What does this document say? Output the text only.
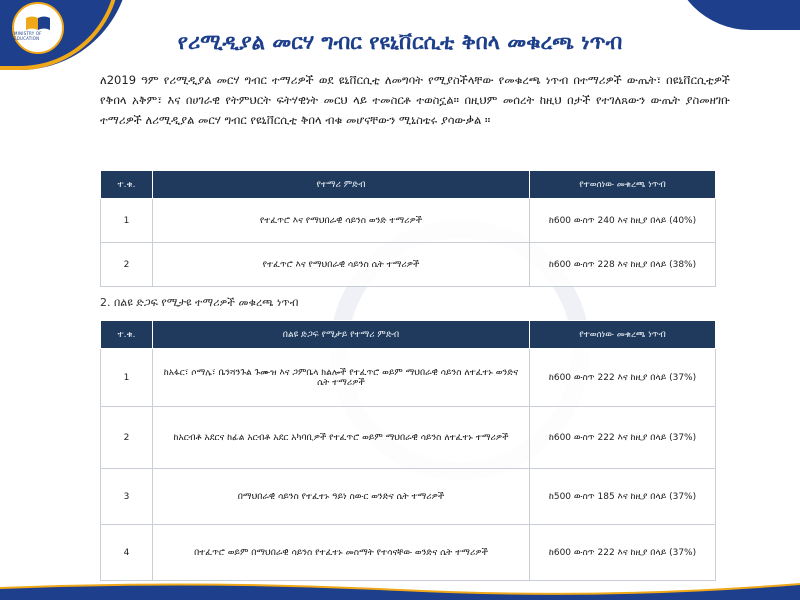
MINISTRY OF EDUCATION	የሪሚዲያል መርሃ ግብር የዩኒቨርሲቲ ቅበላ መቁረጫ ነጥብ

ለ2019 ዓም የሪሚዲያል መርሃ ግብር ተማሪዎች ወደ ዩኒቨርሲቲ ለመግባት የሚያስችላቸው የመቁረጫ ነጥብ በተማሪዎች ውጤት፣ በዩኒቨርሲቲዎች የቅበላ አቅም፣ እና በሀገራዊ የትምህርት ፍትሃዊነት መርህ ላይ ተመስርቶ ተወስኗል። በዚህም መሰረት ከዚህ በታች የተገለጸውን ውጤት ያስመዘገቡ ተማሪዎች ለሪሚዲያል መርሃ ግብር የዩኒቨርሲቲ ቅበላ ብቁ መሆናቸውን ሚኒስቴሩ ያሳውቃል ።

ተ.ቁ.	የተማሪ ምድብ	የተወሰነው መቁረጫ ነጥብ
1	የተፈጥሮ እና የማህበራዊ ሳይንስ ወንድ ተማሪዎች	ከ600 ውስጥ 240 እና ከዚያ በላይ (40%)
2	የተፈጥሮ እና የማህበራዊ ሳይንስ ሴት ተማሪዎች	ከ600 ውስጥ 228 እና ከዚያ በላይ (38%)
2. በልዩ ድጋፍ የሚታዩ ተማሪዎች መቁረጫ ነጥብ
ተ.ቁ.	በልዩ ድጋፍ የሚታይ የተማሪ ምድብ	የተወሰነው መቁረጫ ነጥብ
1	ከአፋር፣ ሶማሌ፣ ቤንሻንጉል ጉሙዝ እና ጋምቤላ ክልሎች የተፈጥሮ ወይም ማህበራዊ ሳይንስ ለተፈተኑ ወንድና ሴት ተማሪዎች	ከ600 ውስጥ 222 እና ከዚያ በላይ (37%)
2	ከአርብቶ አደርና ከፊል አርብቶ አደር አካባቢዎች የተፈጥሮ ወይም ማህበራዊ ሳይንስ ለተፈተኑ ተማሪዎች	ከ600 ውስጥ 222 እና ከዚያ በላይ (37%)
3	በማህበራዊ ሳይንስ የተፈተኑ ዓይነ ስውር ወንድና ሴት ተማሪዎች	ከ500 ውስጥ 185 እና ከዚያ በላይ (37%)
4	በተፈጥሮ ወይም በማህበራዊ ሳይንስ የተፈተኑ መስማት የተሳናቸው ወንድና ሴት ተማሪዎች	ከ600 ውስጥ 222 እና ከዚያ በላይ (37%)
